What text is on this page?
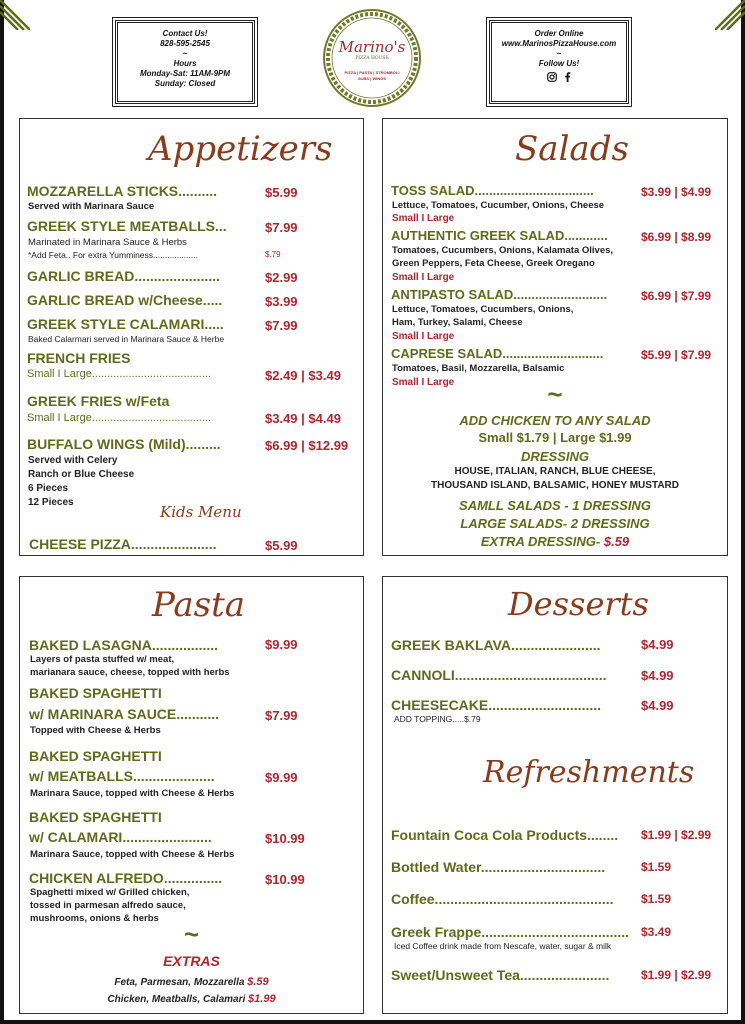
Contact Us!
828-595-2545
~
Hours
Monday-Sat: 11AM-9PM
Sunday: Closed
Marino's
PIZZA HOUSE
PIZZA | PASTA | STROMBOLI
SUBS | WINGS
Order Online
www.MarinosPizzaHouse.com
~
Follow Us!
Appetizers
MOZZARELLA STICKS..........	$5.99
Served with Marinara Sauce
GREEK STYLE MEATBALLS...	$7.99
Marinated in Marinara Sauce & Herbs
*Add Feta.. For extra Yumminess...................	$.79
GARLIC BREAD......................	$2.99
GARLIC BREAD w/Cheese.....	$3.99
GREEK STYLE CALAMARI.....	$7.99
Baked Calarmari served in Marinara Sauce & Herbe
FRENCH FRIES
Small I Large.......................................	$2.49 | $3.49
GREEK FRIES w/Feta
Small I Large.......................................	$3.49 | $4.49
BUFFALO WINGS (Mild).........	$6.99 | $12.99
Served with Celery
Ranch or Blue Cheese
6 Pieces
12 Pieces
Kids Menu
CHEESE PIZZA......................	$5.99
Salads
TOSS SALAD.................................	$3.99 | $4.99
Lettuce, Tomatoes, Cucumber, Onions, Cheese
Small I Large
AUTHENTIC GREEK SALAD............	$6.99 | $8.99
Tomatoes, Cucumbers, Onions, Kalamata Olives,
Green Peppers, Feta Cheese, Greek Oregano
Small I Large
ANTIPASTO SALAD..........................	$6.99 | $7.99
Lettuce, Tomatoes, Cucumbers, Onions,
Ham, Turkey, Salami, Cheese
Small I Large
CAPRESE SALAD............................	$5.99 | $7.99
Tomatoes, Basil, Mozzarella, Balsamic
Small I Large	~
ADD CHICKEN TO ANY SALAD
Small $1.79 | Large $1.99
DRESSING
HOUSE, ITALIAN, RANCH, BLUE CHEESE,
THOUSAND ISLAND, BALSAMIC, HONEY MUSTARD
SAMLL SALADS - 1 DRESSING
LARGE SALADS- 2 DRESSING
EXTRA DRESSING- $.59
Pasta
BAKED LASAGNA.................	$9.99
Layers of pasta stuffed w/ meat,
marianara sauce, cheese, topped with herbs
BAKED SPAGHETTI
w/ MARINARA SAUCE...........	$7.99
Topped with Cheese & Herbs
BAKED SPAGHETTI
w/ MEATBALLS.....................	$9.99
Marinara Sauce, topped with Cheese & Herbs
BAKED SPAGHETTI
w/ CALAMARI.......................	$10.99
Marinara Sauce, topped with Cheese & Herbs
CHICKEN ALFREDO...............	$10.99
Spaghetti mixed w/ Grilled chicken,
tossed in parmesan alfredo sauce,
mushrooms, onions & herbs
~
EXTRAS
Feta, Parmesan, Mozzarella $.59
Chicken, Meatballs, Calamari $1.99
Desserts
GREEK BAKLAVA.......................	$4.99
CANNOLI.......................................	$4.99
CHEESECAKE.............................	$4.99
ADD TOPPING.....$.79
Refreshments
Fountain Coca Cola Products........ $1.99 | $2.99
Bottled Water................................	$1.59
Coffee.............................................. $1.59
Greek Frappe...................................... $3.49
Iced Coffee drink made from Nescafe, water, sugar & milk
Sweet/Unsweet Tea.......................	$1.99 | $2.99
